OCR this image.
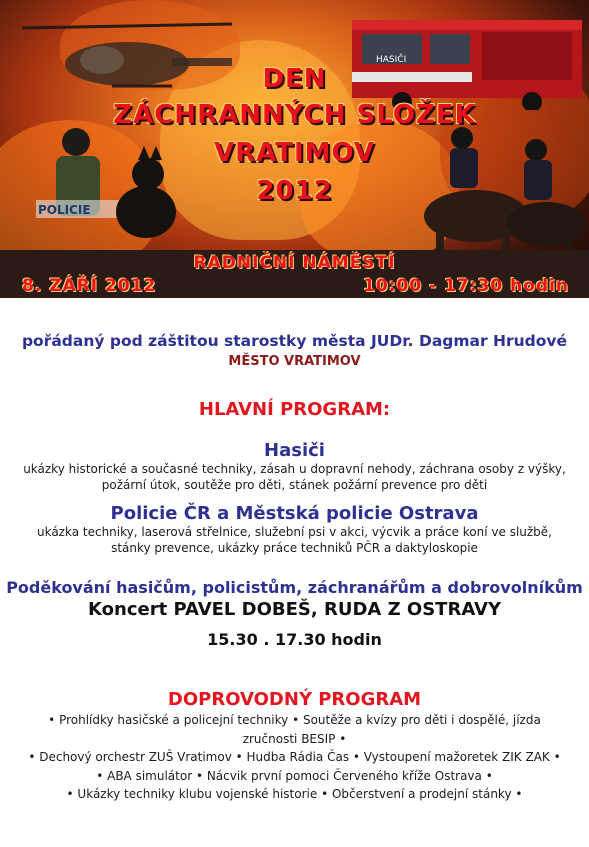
HASIČI
POLICIE
DEN
ZÁCHRANNÝCH SLOŽEK
VRATIMOV
2012
RADNIČNÍ NÁMĚSTÍ
8. ZÁŘÍ 2012	10:00 - 17:30 hodin
pořádaný pod záštitou starostky města JUDr. Dagmar Hrudové
MĚSTO VRATIMOV
HLAVNÍ PROGRAM:
Hasiči
ukázky historické a současné techniky, zásah u dopravní nehody, záchrana osoby z výšky,
požární útok, soutěže pro děti, stánek požární prevence pro děti
Policie ČR a Městská policie Ostrava
ukázka techniky, laserová střelnice, služební psi v akci, výcvik a práce koní ve službě,
stánky prevence, ukázky práce techniků PČR a daktyloskopie
Poděkování hasičům, policistům, záchranářům a dobrovolníkům
Koncert PAVEL DOBEŠ, RUDA Z OSTRAVY
15.30 . 17.30 hodin
DOPROVODNÝ PROGRAM
• Prohlídky hasičské a policejní techniky • Soutěže a kvízy pro děti i dospělé, jízda
zručnosti BESIP •
• Dechový orchestr ZUŠ Vratimov • Hudba Rádia Čas • Vystoupení mažoretek ZIK ZAK •
• ABA simulátor • Nácvik první pomoci Červeného kříže Ostrava •
• Ukázky techniky klubu vojenské historie • Občerstvení a prodejní stánky •
